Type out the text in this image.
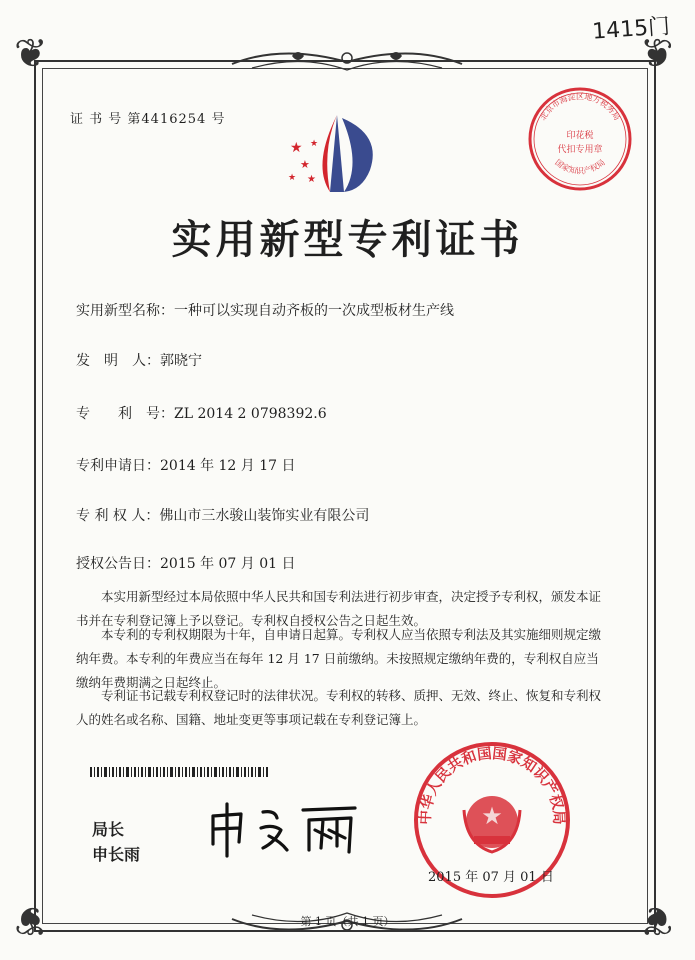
❦	❦
❦	❦
1415门
证 书 号 第4416254 号
★
★
★
★
★
北京市海淀区地方税务局
印花税
代扣专用章
国家知识产权局
实用新型专利证书
实用新型名称：一种可以实现自动齐板的一次成型板材生产线
发　明　人：郭晓宁
专　　利　号：ZL 2014 2 0798392.6
专利申请日：2014 年 12 月 17 日
专 利 权 人：佛山市三水骏山装饰实业有限公司
授权公告日：2015 年 07 月 01 日

本实用新型经过本局依照中华人民共和国专利法进行初步审查，决定授予专利权，颁发本证书并在专利登记簿上予以登记。专利权自授权公告之日起生效。

本专利的专利权期限为十年，自申请日起算。专利权人应当依照专利法及其实施细则规定缴纳年费。本专利的年费应当在每年 12 月 17 日前缴纳。未按照规定缴纳年费的，专利权自应当缴纳年费期满之日起终止。

专利证书记载专利权登记时的法律状况。专利权的转移、质押、无效、终止、恢复和专利权人的姓名或名称、国籍、地址变更等事项记载在专利登记簿上。

局长
申长雨
中华人民共和国国家知识产权局
★
2015 年 07 月 01 日
第 1 页（共 1 页）
